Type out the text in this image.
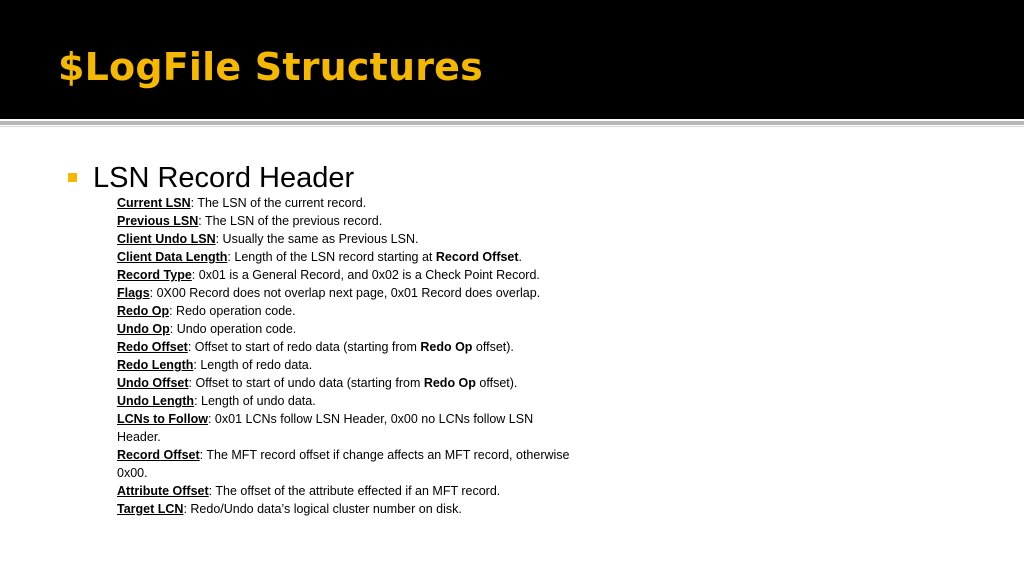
$LogFile Structures
LSN Record Header
Current LSN: The LSN of the current record.
Previous LSN: The LSN of the previous record.
Client Undo LSN: Usually the same as Previous LSN.
Client Data Length: Length of the LSN record starting at Record Offset.
Record Type: 0x01 is a General Record, and 0x02 is a Check Point Record.
Flags: 0X00 Record does not overlap next page, 0x01 Record does overlap.
Redo Op: Redo operation code.
Undo Op: Undo operation code.
Redo Offset: Offset to start of redo data (starting from Redo Op offset).
Redo Length: Length of redo data.
Undo Offset: Offset to start of undo data (starting from Redo Op offset).
Undo Length: Length of undo data.
LCNs to Follow: 0x01 LCNs follow LSN Header, 0x00 no LCNs follow LSN Header.
Record Offset: The MFT record offset if change affects an MFT record, otherwise 0x00.
Attribute Offset: The offset of the attribute effected if an MFT record.
Target LCN: Redo/Undo data’s logical cluster number on disk.
